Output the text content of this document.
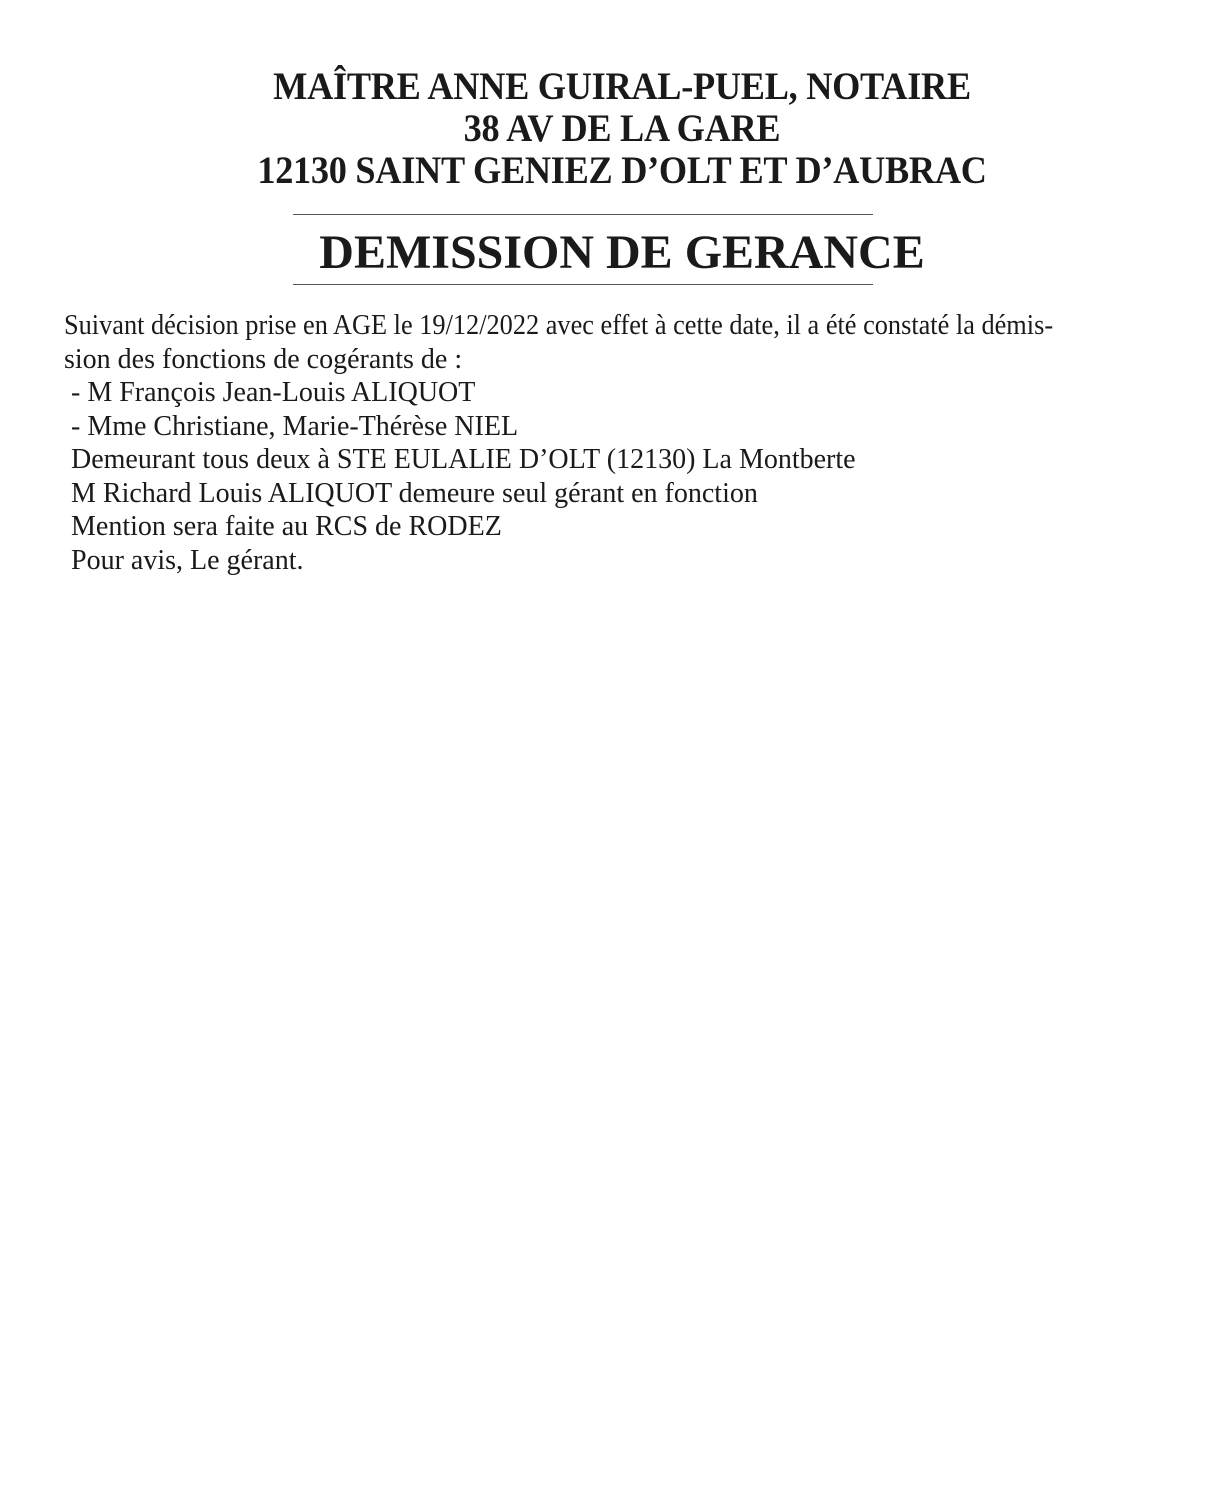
MAÎTRE ANNE GUIRAL-PUEL, NOTAIRE
38 AV DE LA GARE
12130 SAINT GENIEZ D’OLT ET D’AUBRAC
DEMISSION DE GERANCE
Suivant décision prise en AGE le 19/12/2022 avec effet à cette date, il a été constaté la démis-
sion des fonctions de cogérants de :
- M François Jean-Louis ALIQUOT
- Mme Christiane, Marie-Thérèse NIEL
Demeurant tous deux à STE EULALIE D’OLT (12130) La Montberte
M Richard Louis ALIQUOT demeure seul gérant en fonction
Mention sera faite au RCS de RODEZ
Pour avis, Le gérant.
